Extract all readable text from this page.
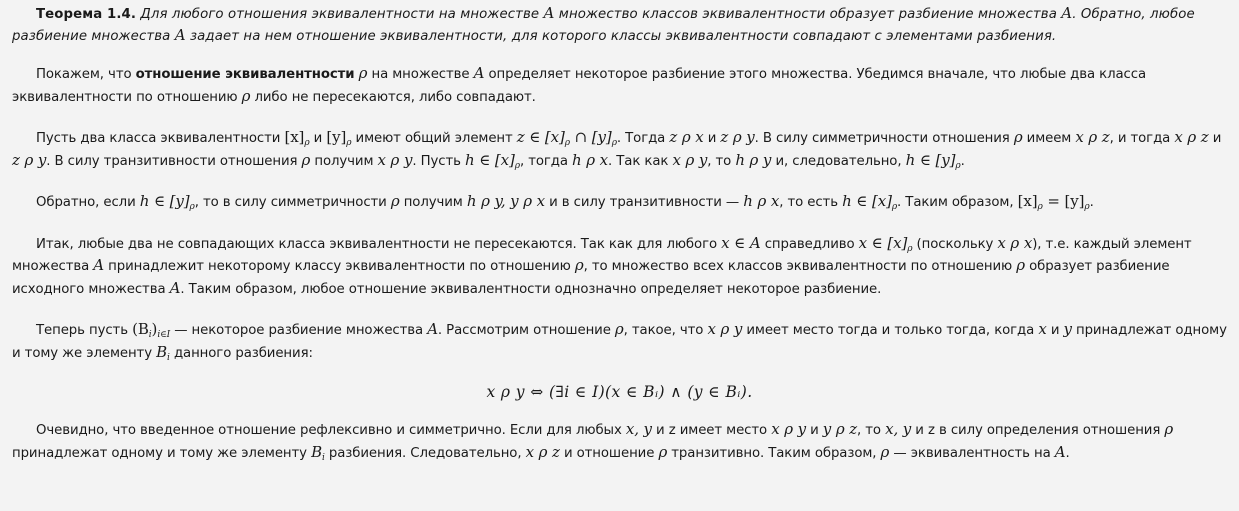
Теорема 1.4. Для любого отношения эквивалентности на множестве A множество классов эквивалентности образует разбиение множества A. Обратно, любое разбиение множества A задает на нем отношение эквивалентности, для которого классы эквивалентности совпадают с элементами разбиения.

Покажем, что отношение эквивалентности ρ на множестве A определяет некоторое разбиение этого множества. Убедимся вначале, что любые два класса эквивалентности по отношению ρ либо не пересекаются, либо совпадают.

Пусть два класса эквивалентности $[x]_\rho$ и $[y]_\rho$ имеют общий элемент z ∈ $[x]_\rho$ ∩ $[y]_\rho$. Тогда z ρ x и z ρ y. В силу симметричности отношения ρ имеем x ρ z, и тогда x ρ z и z ρ y. В силу транзитивности отношения ρ получим x ρ y. Пусть h ∈ $[x]_\rho$, тогда h ρ x. Так как x ρ y, то h ρ y и, следовательно, h ∈ $[y]_\rho$.

Обратно, если h ∈ $[y]_\rho$, то в силу симметричности ρ получим h ρ y, y ρ x и в силу транзитивности — h ρ x, то есть h ∈ $[x]_\rho$. Таким образом, $[x]_\rho = [y]_\rho$.

Итак, любые два не совпадающих класса эквивалентности не пересекаются. Так как для любого x ∈ A справедливо x ∈ $[x]_\rho$ (поскольку x ρ x), т.е. каждый элемент множества A принадлежит некоторому классу эквивалентности по отношению ρ, то множество всех классов эквивалентности по отношению ρ образует разбиение исходного множества A. Таким образом, любое отношение эквивалентности однозначно определяет некоторое разбиение.

Теперь пусть $(B_i)_{i\in I}$ — некоторое разбиение множества A. Рассмотрим отношение ρ, такое, что x ρ y имеет место тогда и только тогда, когда x и y принадлежат одному и тому же элементу $B_i$ данного разбиения:

x ρ y ⇔ (∃i ∈ I)(x ∈ Bᵢ) ∧ (y ∈ Bᵢ).

Очевидно, что введенное отношение рефлексивно и симметрично. Если для любых x, y и z имеет место x ρ y и y ρ z, то x, y и z в силу определения отношения ρ принадлежат одному и тому же элементу $B_i$ разбиения. Следовательно, x ρ z и отношение ρ транзитивно. Таким образом, ρ — эквивалентность на A.
